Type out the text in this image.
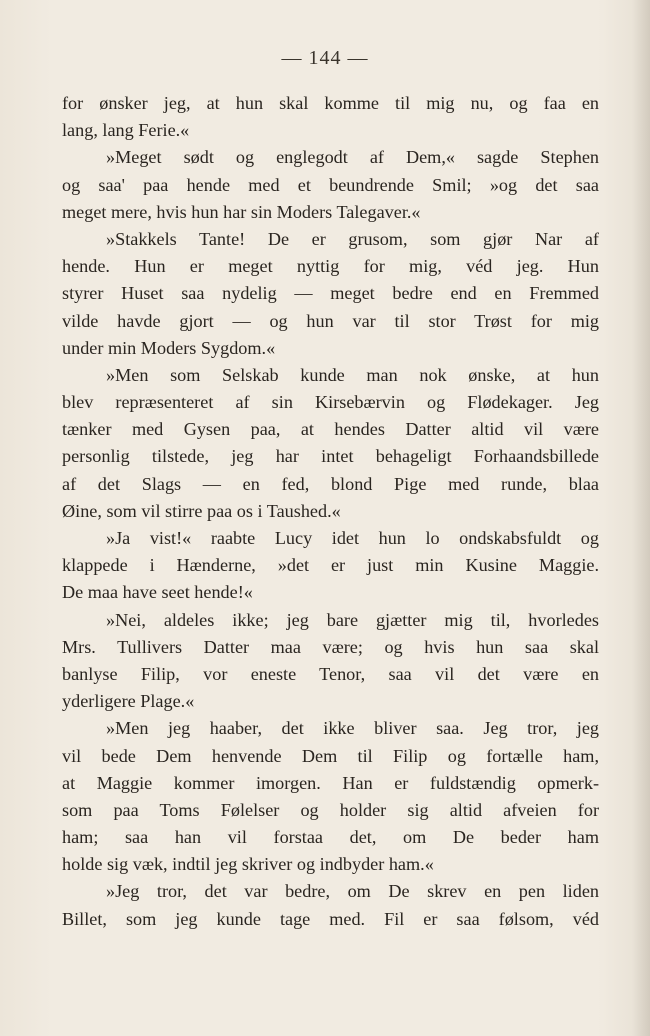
— 144 —
for ønsker jeg, at hun skal komme til mig nu, og faa en
lang, lang Ferie.«
»Meget sødt og englegodt af Dem,« sagde Stephen
og saa' paa hende med et beundrende Smil; »og det saa
meget mere, hvis hun har sin Moders Talegaver.«
»Stakkels Tante! De er grusom, som gjør Nar af
hende. Hun er meget nyttig for mig, véd jeg. Hun
styrer Huset saa nydelig — meget bedre end en Fremmed
vilde havde gjort — og hun var til stor Trøst for mig
under min Moders Sygdom.«
»Men som Selskab kunde man nok ønske, at hun
blev repræsenteret af sin Kirsebærvin og Flødekager. Jeg
tænker med Gysen paa, at hendes Datter altid vil være
personlig tilstede, jeg har intet behageligt Forhaandsbillede
af det Slags — en fed, blond Pige med runde, blaa
Øine, som vil stirre paa os i Taushed.«
»Ja vist!« raabte Lucy idet hun lo ondskabsfuldt og
klappede i Hænderne, »det er just min Kusine Maggie.
De maa have seet hende!«
»Nei, aldeles ikke; jeg bare gjætter mig til, hvorledes
Mrs. Tullivers Datter maa være; og hvis hun saa skal
banlyse Filip, vor eneste Tenor, saa vil det være en
yderligere Plage.«
»Men jeg haaber, det ikke bliver saa. Jeg tror, jeg
vil bede Dem henvende Dem til Filip og fortælle ham,
at Maggie kommer imorgen. Han er fuldstændig opmerk-
som paa Toms Følelser og holder sig altid afveien for
ham; saa han vil forstaa det, om De beder ham
holde sig væk, indtil jeg skriver og indbyder ham.«
»Jeg tror, det var bedre, om De skrev en pen liden
Billet, som jeg kunde tage med. Fil er saa følsom, véd
